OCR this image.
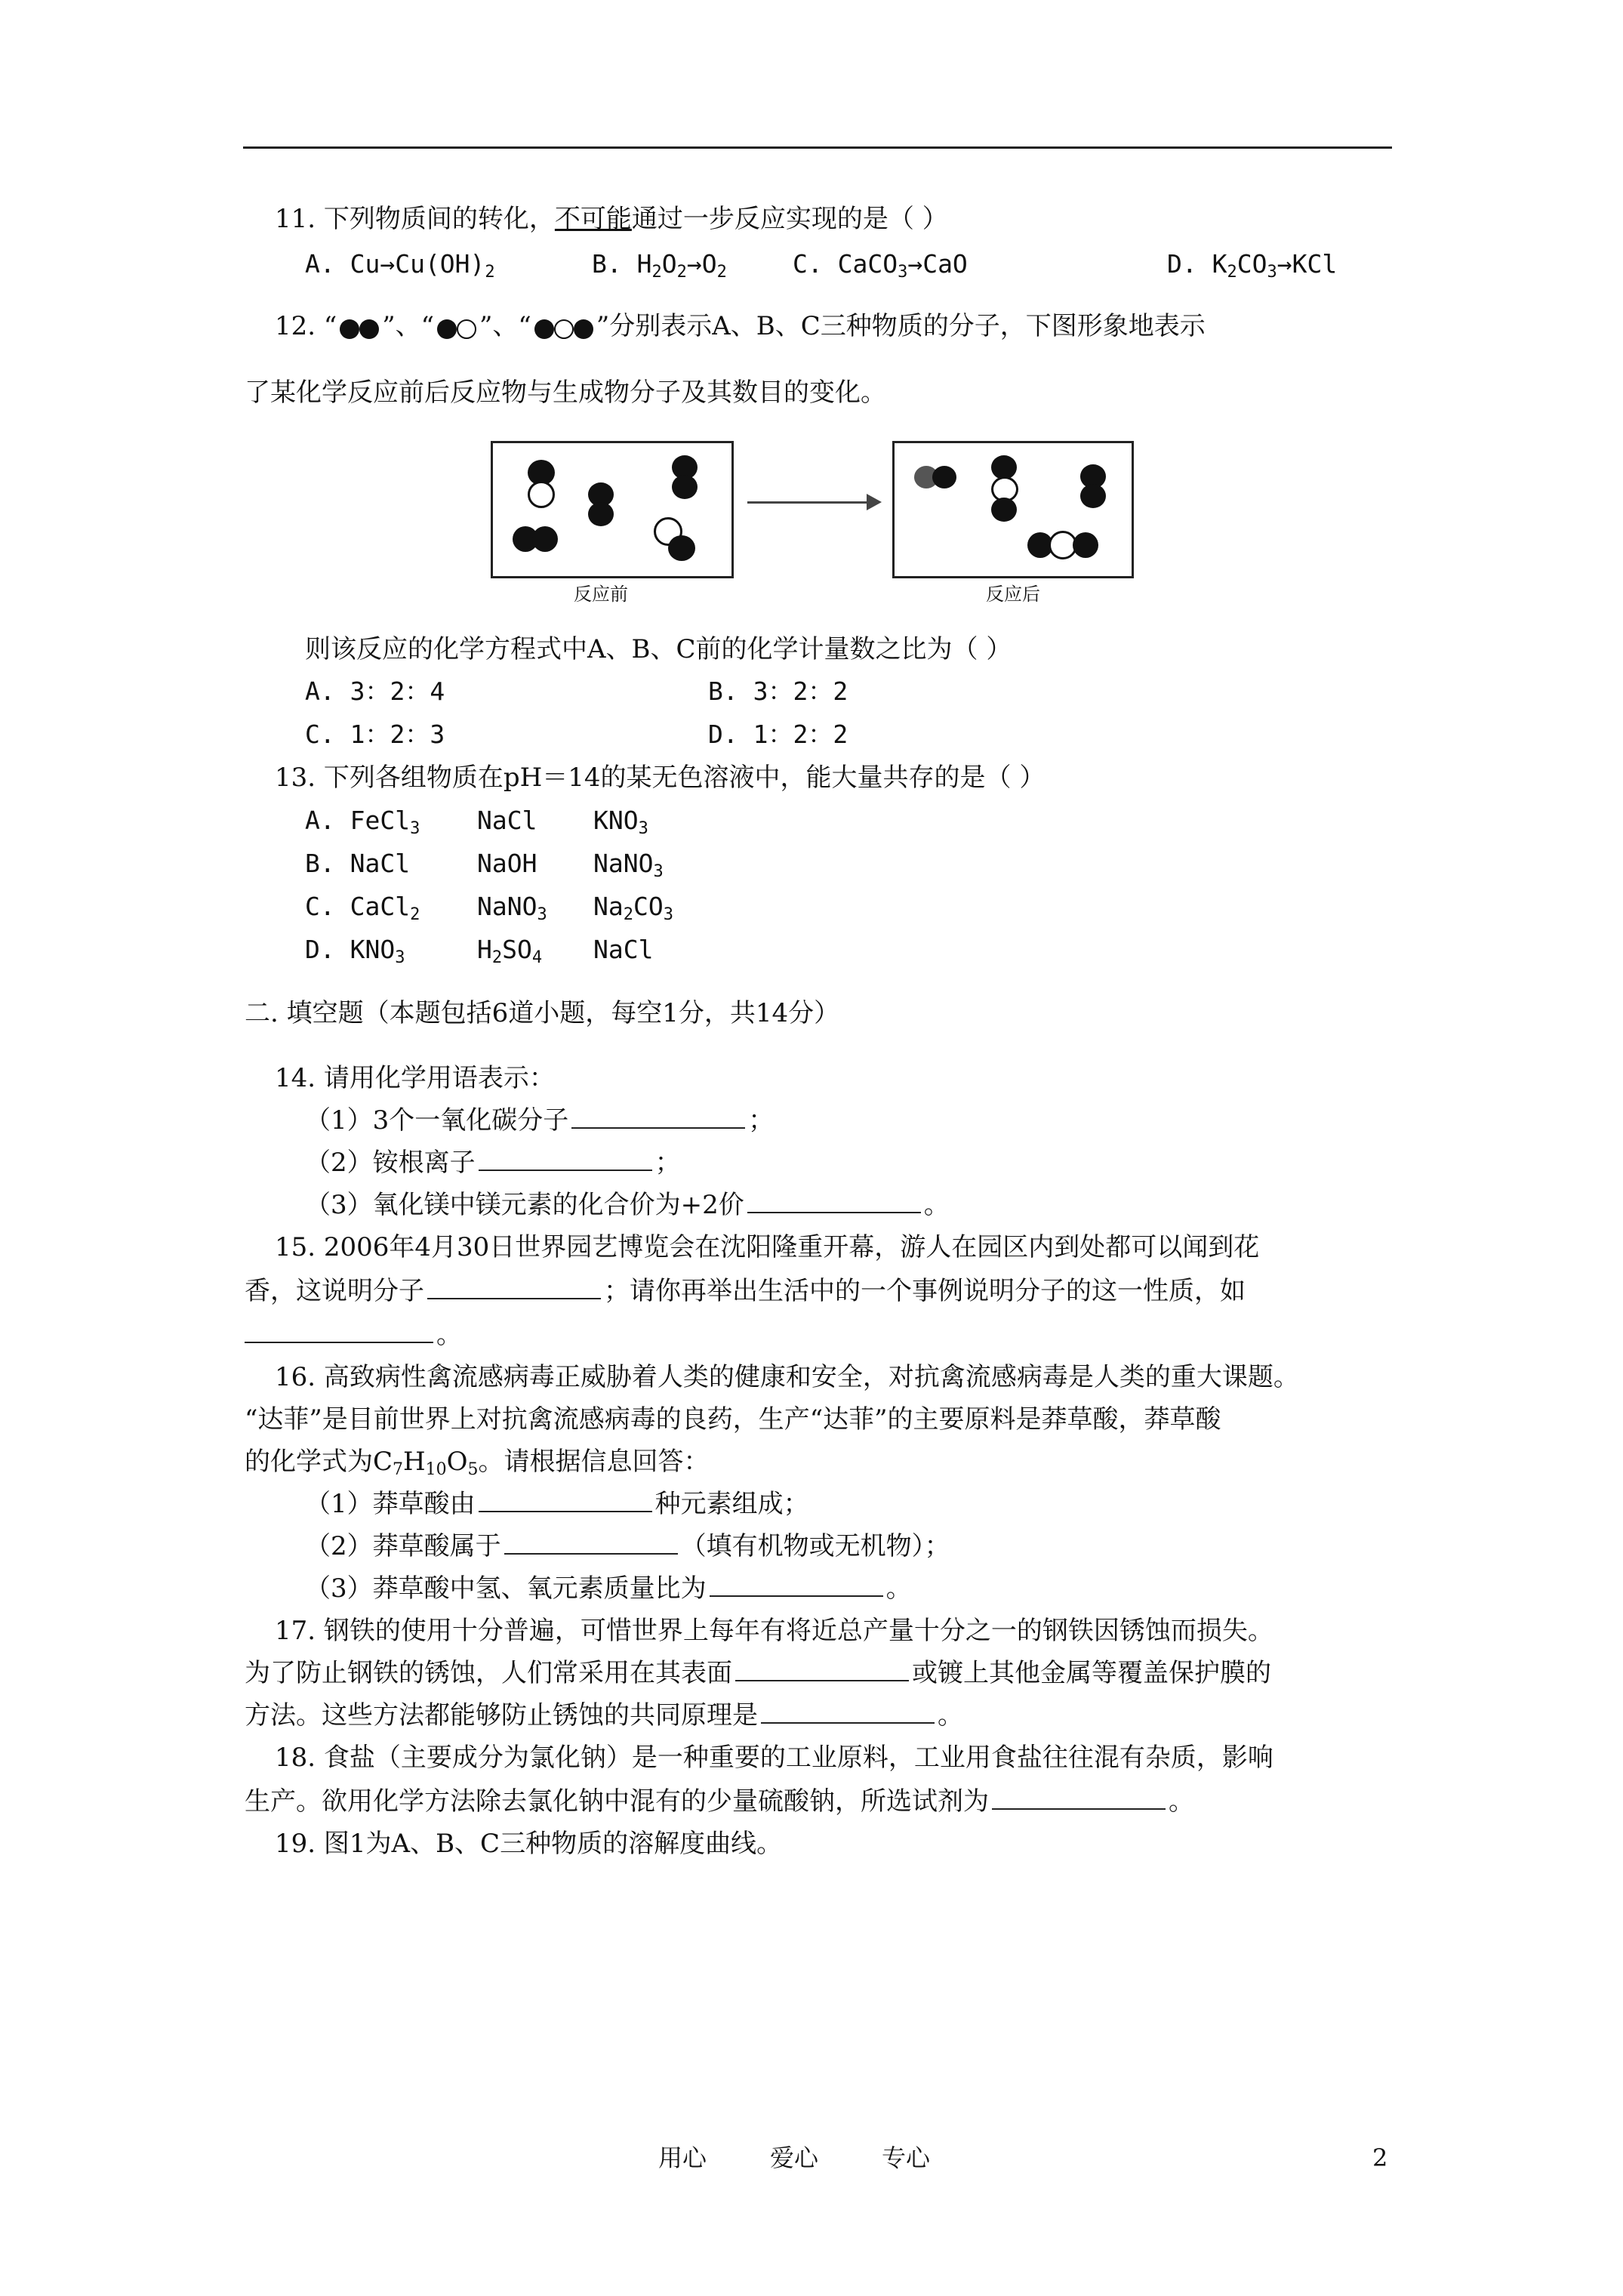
11. 下列物质间的转化，不可能通过一步反应实现的是（ ）
A. $Cu\to Cu(OH)_2$	B. $H_2O_2\to O_2$	C. CaCO$_3$→CaO	D. $K_2CO_3\to KCl$
12. “ ”、“ ”、“	”分别表示A、B、C三种物质的分子，下图形象地表示
了某化学反应前后反应物与生成物分子及其数目的变化。
反应前	反应后
则该反应的化学方程式中A、B、C前的化学计量数之比为（ ）
A. 3：2：4	B. 3：2：2
C. 1：2：3	D. 1：2：2
13. 下列各组物质在pH＝14的某无色溶液中，能大量共存的是（ ）
A. FeCl$_3$ NaCl $KNO_3$
B. NaCl	NaOH NaNO$_3$
C. CaCl$_2$ NaNO$_3$ $Na_2CO_3$
D. $KNO_3$	$H_2SO_4$ NaCl
二. 填空题（本题包括6道小题，每空1分，共14分）
14. 请用化学用语表示：
（1）3个一氧化碳分子	；
（2）铵根离子	；
（3）氧化镁中镁元素的化合价为+2价	。
15. 2006年4月30日世界园艺博览会在沈阳隆重开幕，游人在园区内到处都可以闻到花
香，这说明分子	；请你再举出生活中的一个事例说明分子的这一性质，如
。
16. 高致病性禽流感病毒正威胁着人类的健康和安全，对抗禽流感病毒是人类的重大课题。
“达菲”是目前世界上对抗禽流感病毒的良药，生产“达菲”的主要原料是莽草酸，莽草酸
的化学式为$C_7H_{10}O_5$。请根据信息回答：
（1）莽草酸由	种元素组成；
（2）莽草酸属于	（填有机物或无机物）；
（3）莽草酸中氢、氧元素质量比为	。
17. 钢铁的使用十分普遍，可惜世界上每年有将近总产量十分之一的钢铁因锈蚀而损失。
为了防止钢铁的锈蚀，人们常采用在其表面	或镀上其他金属等覆盖保护膜的
方法。这些方法都能够防止锈蚀的共同原理是	。
18. 食盐（主要成分为氯化钠）是一种重要的工业原料，工业用食盐往往混有杂质，影响
生产。欲用化学方法除去氯化钠中混有的少量硫酸钠，所选试剂为	。
19. 图1为A、B、C三种物质的溶解度曲线。
用心	爱心	专心	2
